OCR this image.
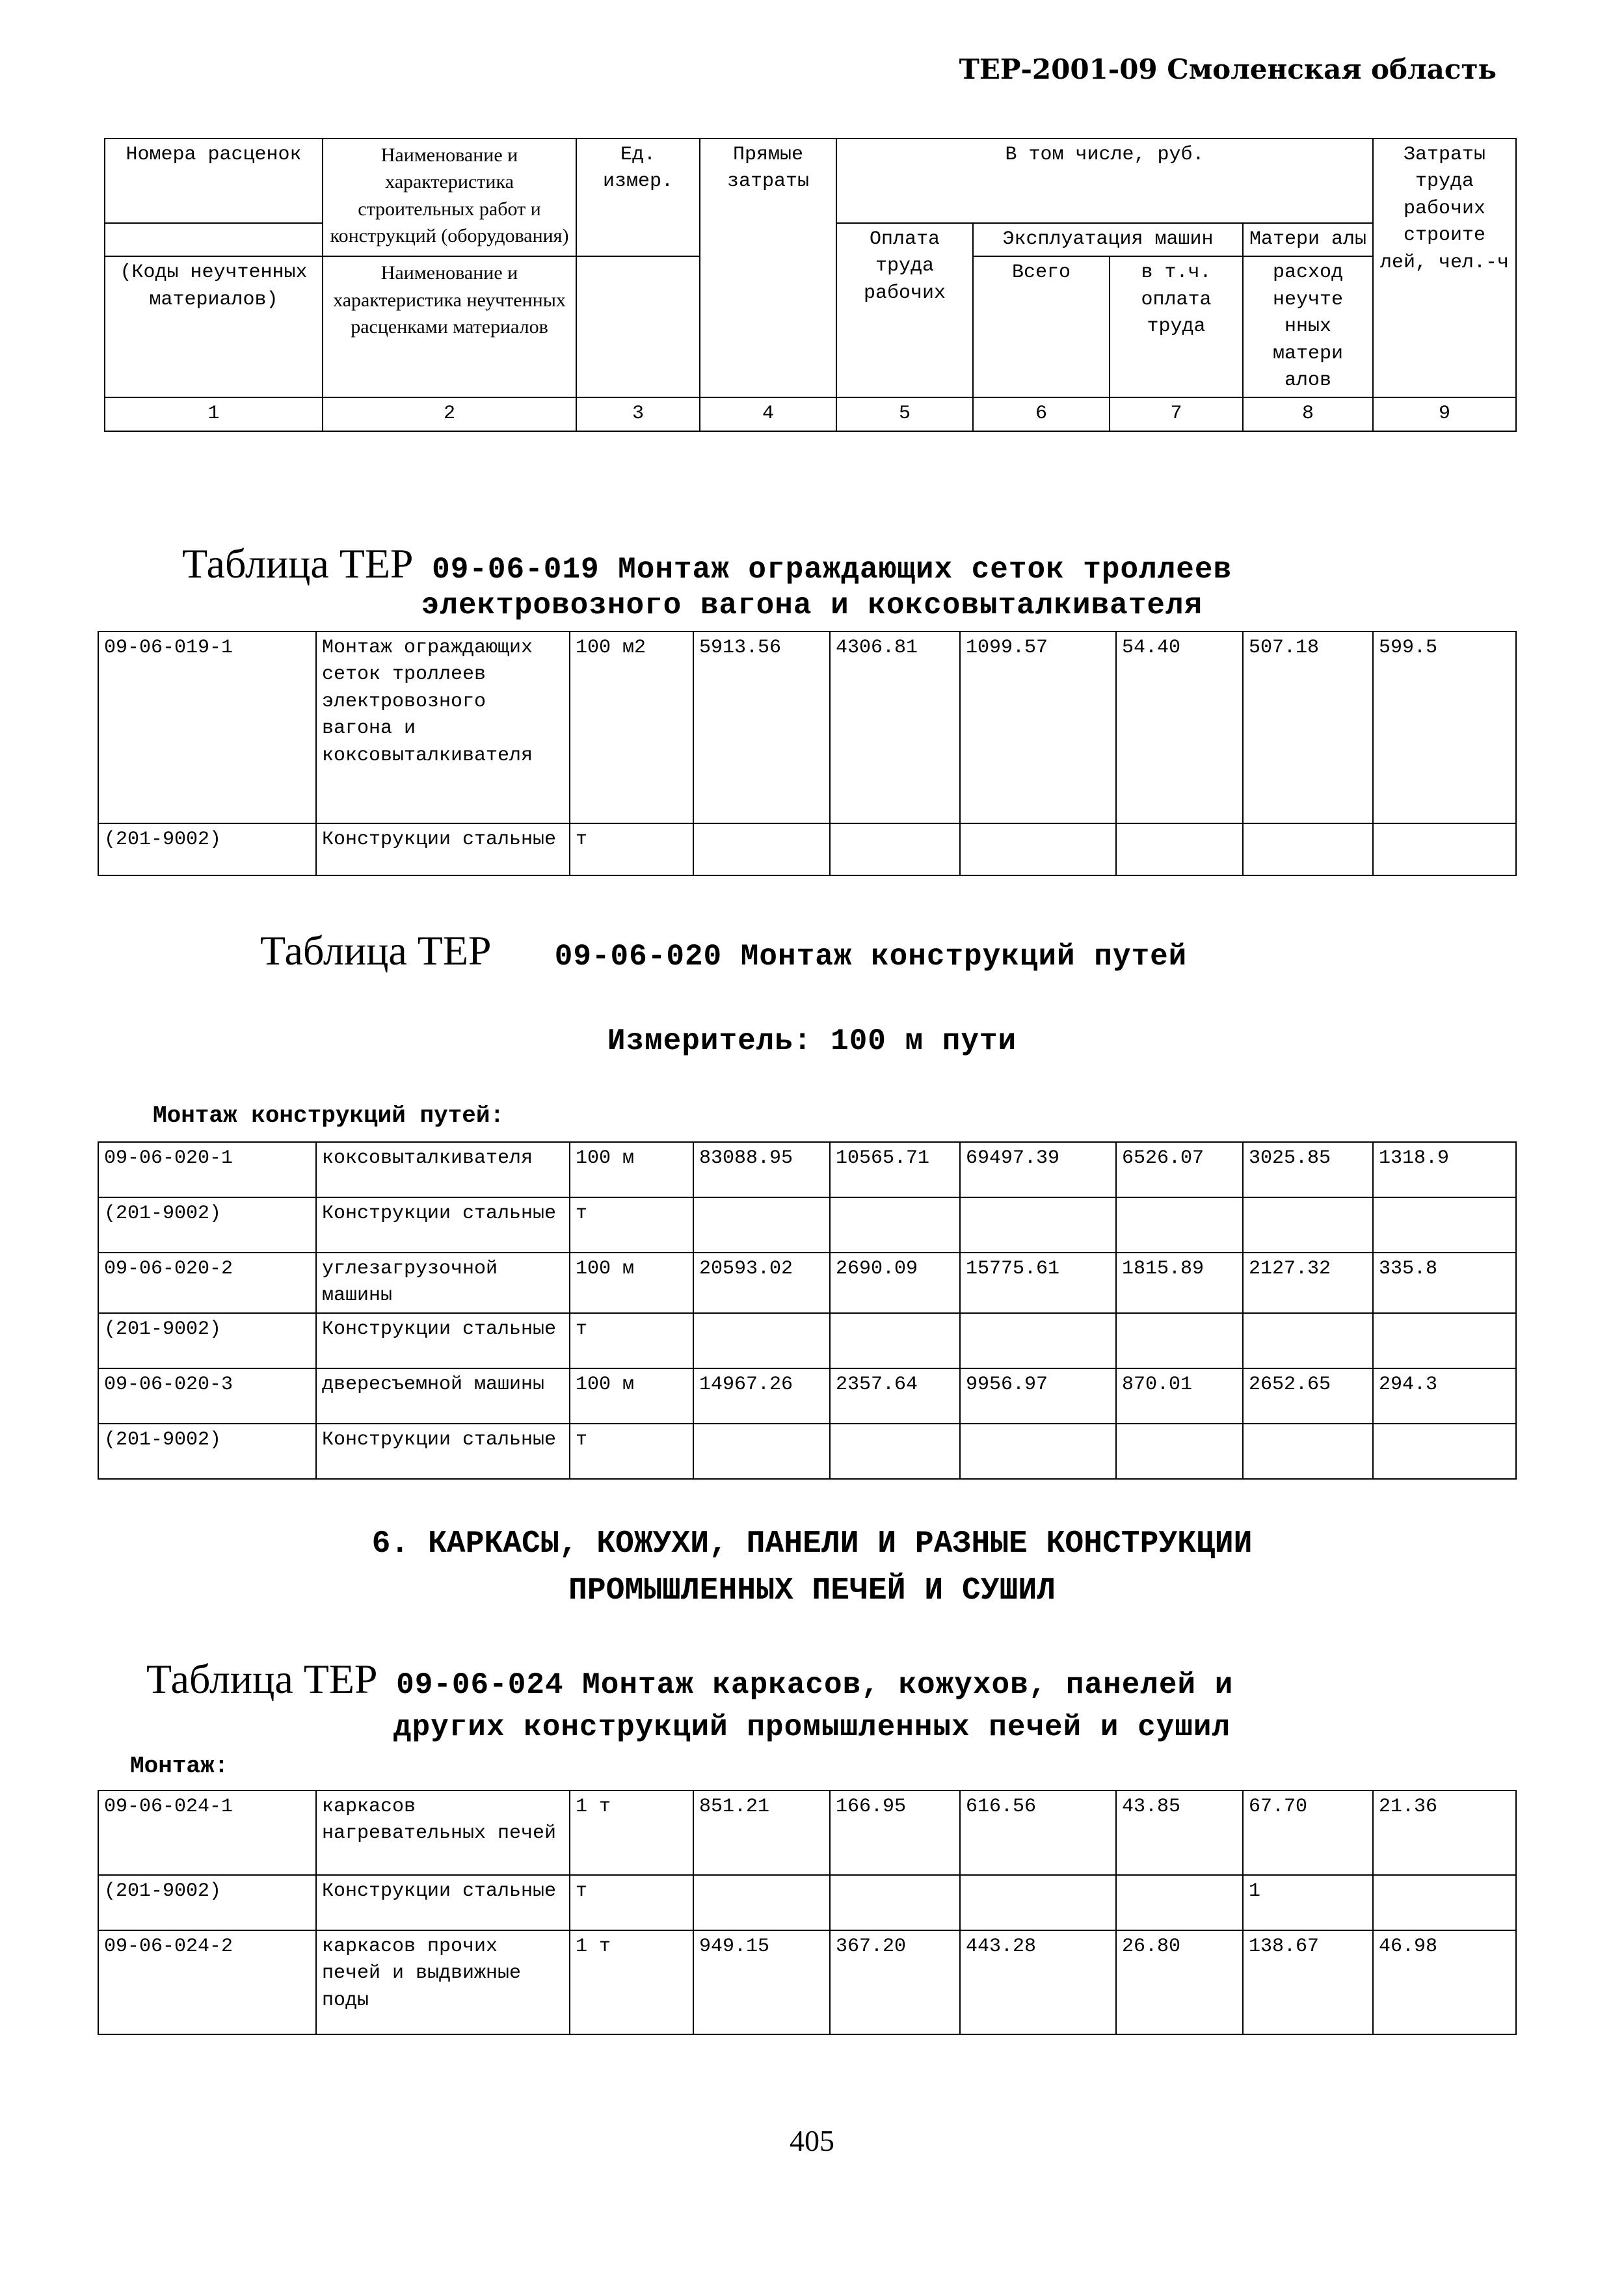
ТЕР-2001-09 Смоленская область
Номера расценок	Наименование и характеристика строительных работ и конструкций (оборудования)	Ед. измер.	Прямые затраты	В том числе, руб.				Затраты труда рабочих строите лей, чел.-ч
				Оплата труда рабочих	Эксплуатация машин		Матери алы	
(Коды неучтенных материалов)	Наименование и характеристика неучтенных расценками материалов				Всего	в т.ч. оплата труда	расход неучте нных матери алов	
1	2	3	4	5	6	7	8	9
Таблица ТЕР 09-06-019 Монтаж ограждающих сеток троллеев
электровозного вагона и коксовыталкивателя
09-06-019-1	Монтаж ограждающих сеток троллеев электровозного вагона и коксовыталкивателя	100 м2	5913.56	4306.81	1099.57	54.40	507.18	599.5
(201-9002)	Конструкции стальные	т						
Таблица ТЕР 09-06-020 Монтаж конструкций путей
Измеритель: 100 м пути
Монтаж конструкций путей:
09-06-020-1	коксовыталкивателя	100 м	83088.95	10565.71	69497.39	6526.07	3025.85	1318.9
(201-9002)	Конструкции стальные	т						
09-06-020-2	углезагрузочной машины	100 м	20593.02	2690.09	15775.61	1815.89	2127.32	335.8
(201-9002)	Конструкции стальные	т						
09-06-020-3	двересъемной машины	100 м	14967.26	2357.64	9956.97	870.01	2652.65	294.3
(201-9002)	Конструкции стальные	т						
6. КАРКАСЫ, КОЖУХИ, ПАНЕЛИ И РАЗНЫЕ КОНСТРУКЦИИ
ПРОМЫШЛЕННЫХ ПЕЧЕЙ И СУШИЛ
Таблица ТЕР 09-06-024 Монтаж каркасов, кожухов, панелей и
других конструкций промышленных печей и сушил
Монтаж:
09-06-024-1	каркасов нагревательных печей	1 т	851.21	166.95	616.56	43.85	67.70	21.36
(201-9002)	Конструкции стальные	т					1	
09-06-024-2	каркасов прочих печей и выдвижные поды	1 т	949.15	367.20	443.28	26.80	138.67	46.98
405
